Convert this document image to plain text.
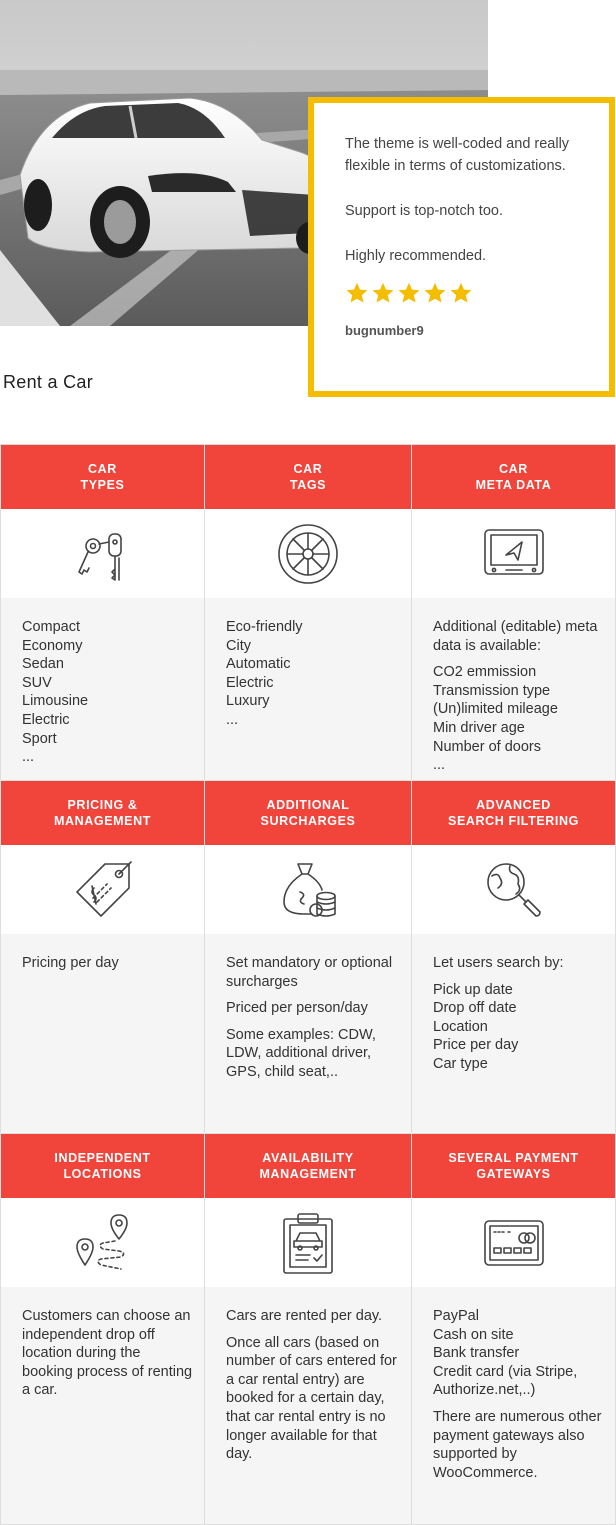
The theme is well-coded and really flexible in terms of customizations.

Support is top-notch too.

Highly recommended.

bugnumber9
Rent a Car
CAR
TYPES
Compact
Economy
Sedan
SUV
Limousine
Electric
Sport
...
CAR
TAGS
Eco-friendly
City
Automatic
Electric
Luxury
...
CAR
META DATA
Additional (editable) meta data is available:
CO2 emmission
Transmission type
(Un)limited mileage
Min driver age
Number of doors
...
PRICING &
MANAGEMENT
Pricing per day
ADDITIONAL
SURCHARGES
Set mandatory or optional surcharges
Priced per person/day
Some examples: CDW, LDW, additional driver, GPS, child seat,..
ADVANCED
SEARCH FILTERING
Let users search by:
Pick up date
Drop off date
Location
Price per day
Car type
INDEPENDENT
LOCATIONS
Customers can choose an independent drop off location during the booking process of renting a car.
AVAILABILITY
MANAGEMENT
Cars are rented per day.
Once all cars (based on number of cars entered for a car rental entry) are booked for a certain day, that car rental entry is no longer available for that day.
SEVERAL PAYMENT
GATEWAYS
PayPal
Cash on site
Bank transfer
Credit card (via Stripe, Authorize.net,..)
There are numerous other payment gateways also supported by WooCommerce.
